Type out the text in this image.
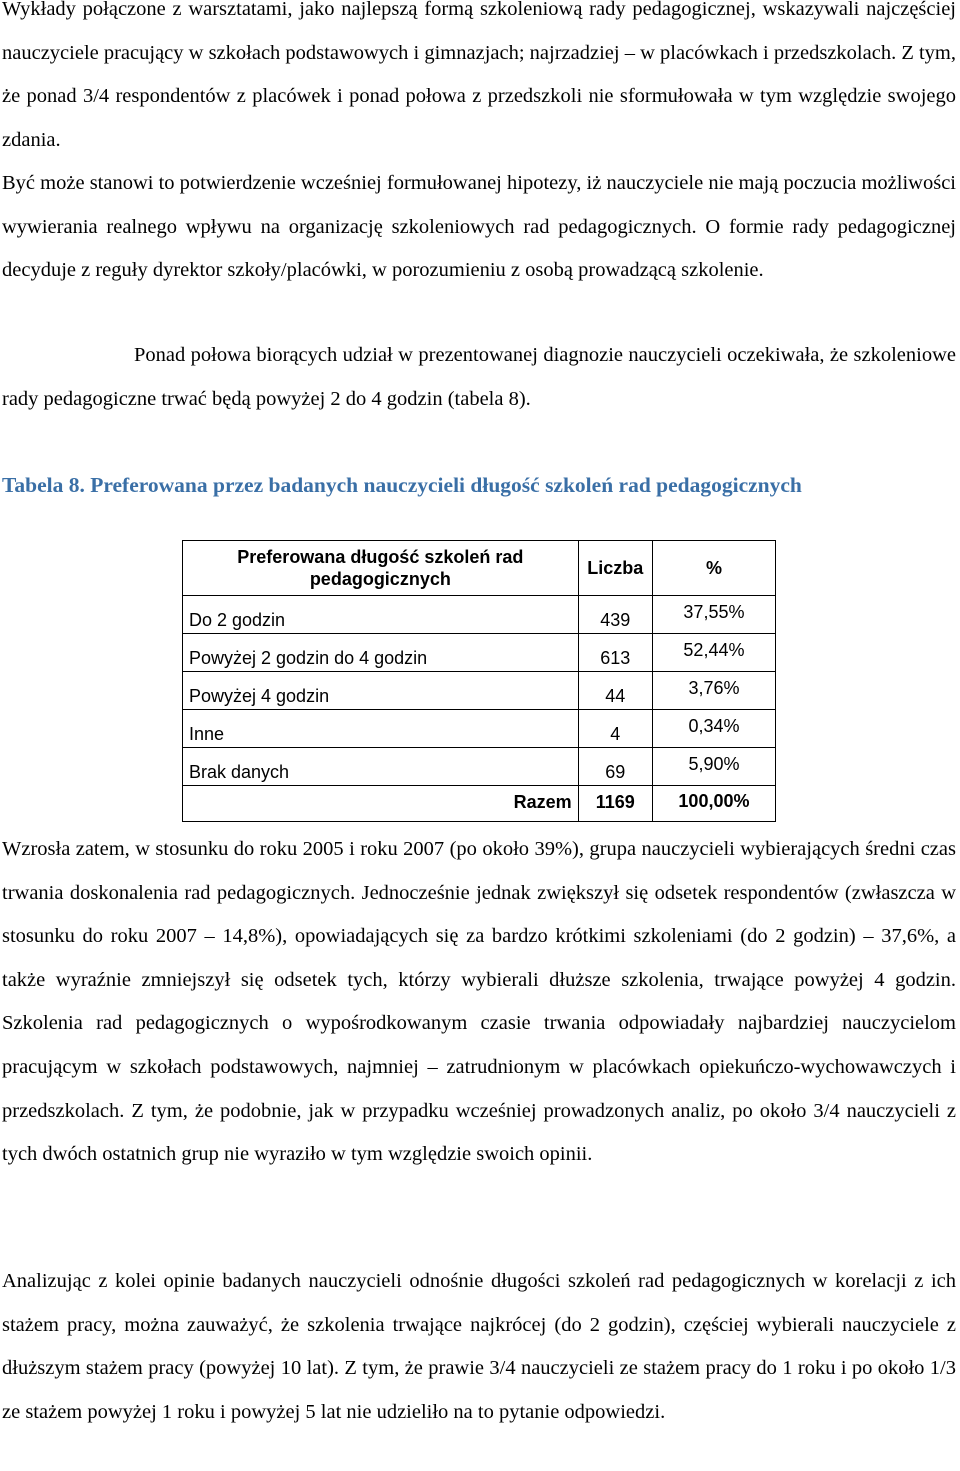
Wykłady połączone z warsztatami, jako najlepszą formą szkoleniową rady pedagogicznej, wskazywali najczęściej nauczyciele pracujący w szkołach podstawowych i gimnazjach; najrzadziej – w placówkach i przedszkolach. Z tym, że ponad 3/4 respondentów z placówek i ponad połowa z przedszkoli nie sformułowała w tym względzie swojego zdania.

Być może stanowi to potwierdzenie wcześniej formułowanej hipotezy, iż nauczyciele nie mają poczucia możliwości wywierania realnego wpływu na organizację szkoleniowych rad pedagogicznych. O formie rady pedagogicznej decyduje z reguły dyrektor szkoły/placówki, w porozumieniu z osobą prowadzącą szkolenie.

Ponad połowa biorących udział w prezentowanej diagnozie nauczycieli oczekiwała, że szkoleniowe rady pedagogiczne trwać będą powyżej 2 do 4 godzin (tabela 8).

Tabela 8. Preferowana przez badanych nauczycieli długość szkoleń rad pedagogicznych
Preferowana długość szkoleń rad pedagogicznych	Liczba	%
Do 2 godzin	439	37,55%
Powyżej 2 godzin do 4 godzin	613	52,44%
Powyżej 4 godzin	44	3,76%
Inne	4	0,34%
Brak danych	69	5,90%
Razem	1169	100,00%

Wzrosła zatem, w stosunku do roku 2005 i roku 2007 (po około 39%), grupa nauczycieli wybierających średni czas trwania doskonalenia rad pedagogicznych. Jednocześnie jednak zwiększył się odsetek respondentów (zwłaszcza w stosunku do roku 2007 – 14,8%), opowiadających się za bardzo krótkimi szkoleniami (do 2 godzin) – 37,6%, a także wyraźnie zmniejszył się odsetek tych, którzy wybierali dłuższe szkolenia, trwające powyżej 4 godzin. Szkolenia rad pedagogicznych o wypośrodkowanym czasie trwania odpowiadały najbardziej nauczycielom pracującym w szkołach podstawowych, najmniej – zatrudnionym w placówkach opiekuńczo-wychowawczych i przedszkolach. Z tym, że podobnie, jak w przypadku wcześniej prowadzonych analiz, po około 3/4 nauczycieli z tych dwóch ostatnich grup nie wyraziło w tym względzie swoich opinii.

Analizując z kolei opinie badanych nauczycieli odnośnie długości szkoleń rad pedagogicznych w korelacji z ich stażem pracy, można zauważyć, że szkolenia trwające najkrócej (do 2 godzin), częściej wybierali nauczyciele z dłuższym stażem pracy (powyżej 10 lat). Z tym, że prawie 3/4 nauczycieli ze stażem pracy do 1 roku i po około 1/3 ze stażem powyżej 1 roku i powyżej 5 lat nie udzieliło na to pytanie odpowiedzi.
